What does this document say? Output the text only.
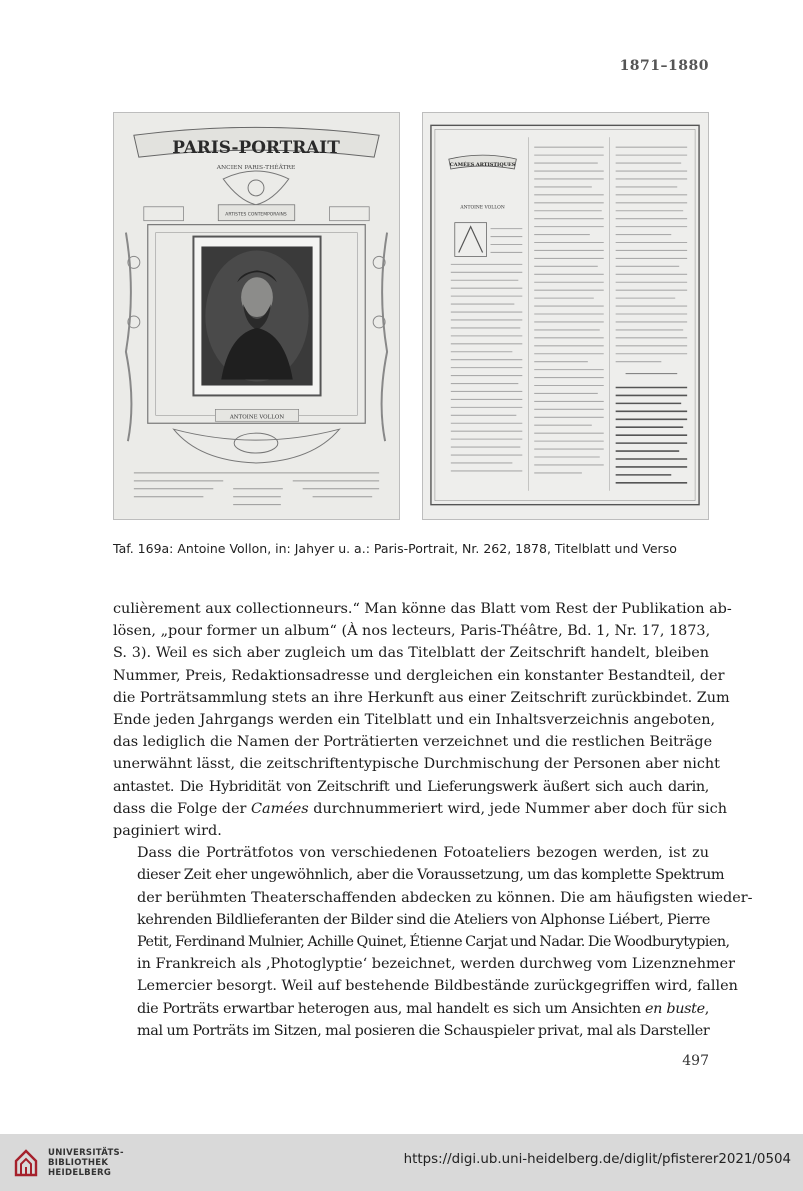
1871–1880
PARIS-PORTRAIT
ANCIEN PARIS-THÉÂTRE
ARTISTES CONTEMPORAINS
ANTOINE VOLLON
CAMÉES ARTISTIQUES
ANTOINE VOLLON
Taf. 169a: Antoine Vollon, in: Jahyer u. a.: Paris-Portrait, Nr. 262, 1878, Titelblatt und Verso

culièrement aux collectionneurs.“ Man könne das Blatt vom Rest der Publikation ab-
lösen, „pour former un album“ (À nos lecteurs, Paris-Théâtre, Bd. 1, Nr. 17, 1873,
S. 3). Weil es sich aber zugleich um das Titelblatt der Zeitschrift handelt, bleiben
Nummer, Preis, Redaktionsadresse und dergleichen ein konstanter Bestandteil, der
die Porträtsammlung stets an ihre Herkunft aus einer Zeitschrift zurückbindet. Zum
Ende jeden Jahrgangs werden ein Titelblatt und ein Inhaltsverzeichnis angeboten,
das lediglich die Namen der Porträtierten verzeichnet und die restlichen Beiträge
unerwähnt lässt, die zeitschriftentypische Durchmischung der Personen aber nicht
antastet. Die Hybridität von Zeitschrift und Lieferungswerk äußert sich auch darin,
dass die Folge der Camées durchnummeriert wird, jede Nummer aber doch für sich
paginiert wird.

Dass die Porträtfotos von verschiedenen Fotoateliers bezogen werden, ist zu
dieser Zeit eher ungewöhnlich, aber die Voraussetzung, um das komplette Spektrum
der berühmten Theaterschaffenden abdecken zu können. Die am häufigsten wieder-
kehrenden Bildlieferanten der Bilder sind die Ateliers von Alphonse Liébert, Pierre
Petit, Ferdinand Mulnier, Achille Quinet, Étienne Carjat und Nadar. Die Woodburytypien,
in Frankreich als ‚Photoglyptie‘ bezeichnet, werden durchweg vom Lizenznehmer
Lemercier besorgt. Weil auf bestehende Bildbestände zurückgegriffen wird, fallen
die Porträts erwartbar heterogen aus, mal handelt es sich um Ansichten en buste,
mal um Porträts im Sitzen, mal posieren die Schauspieler privat, mal als Darsteller

497
UNIVERSITÄTS-
BIBLIOTHEK
HEIDELBERG
https://digi.ub.uni-heidelberg.de/diglit/pfisterer2021/0504
